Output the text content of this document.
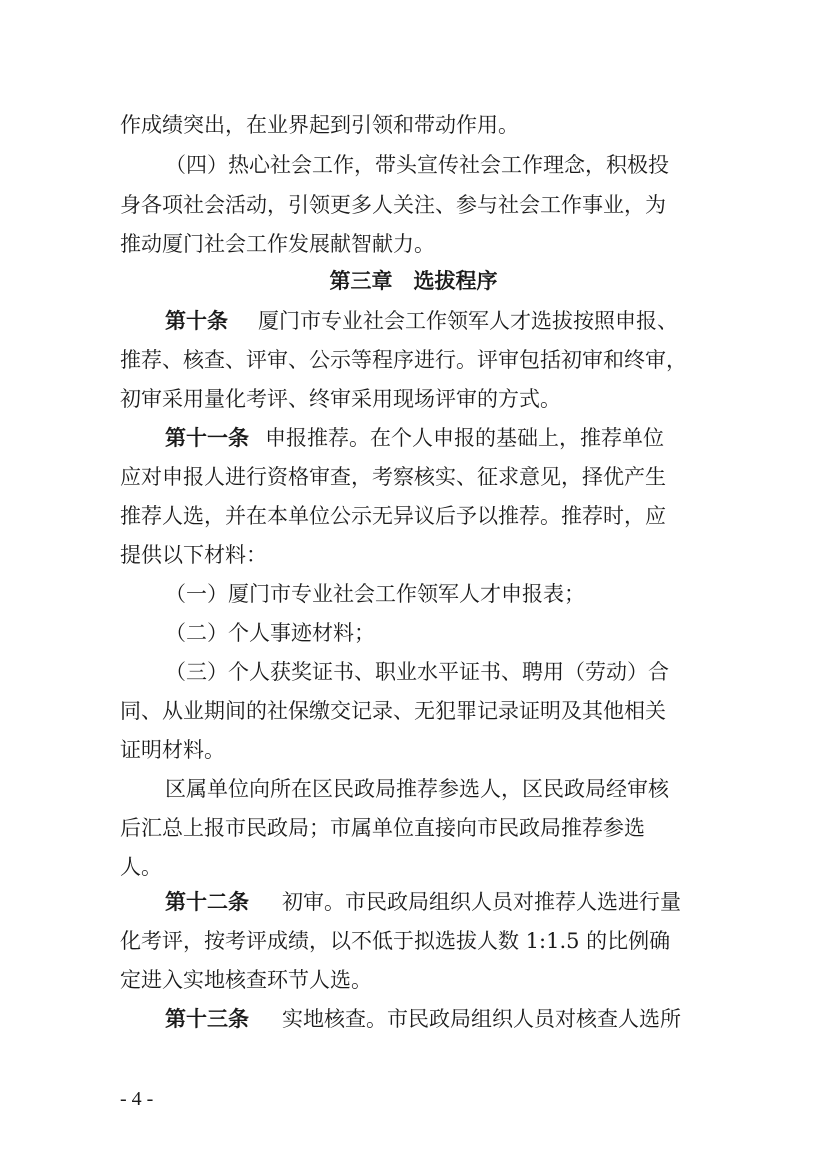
作成绩突出，在业界起到引领和带动作用。
（四）热心社会工作，带头宣传社会工作理念，积极投
身各项社会活动，引领更多人关注、参与社会工作事业，为
推动厦门社会工作发展献智献力。
第三章　选拔程序
第十条 厦门市专业社会工作领军人才选拔按照申报、
推荐、核查、评审、公示等程序进行。评审包括初审和终审，
初审采用量化考评、终审采用现场评审的方式。
第十一条 申报推荐。在个人申报的基础上，推荐单位
应对申报人进行资格审查，考察核实、征求意见，择优产生
推荐人选，并在本单位公示无异议后予以推荐。推荐时，应
提供以下材料：
（一）厦门市专业社会工作领军人才申报表；
（二）个人事迹材料；
（三）个人获奖证书、职业水平证书、聘用（劳动）合
同、从业期间的社保缴交记录、无犯罪记录证明及其他相关
证明材料。
区属单位向所在区民政局推荐参选人，区民政局经审核
后汇总上报市民政局；市属单位直接向市民政局推荐参选
人。
第十二条 初审。市民政局组织人员对推荐人选进行量
化考评，按考评成绩，以不低于拟选拔人数 1:1.5 的比例确
定进入实地核查环节人选。
第十三条 实地核查。市民政局组织人员对核查人选所
- 4 -
